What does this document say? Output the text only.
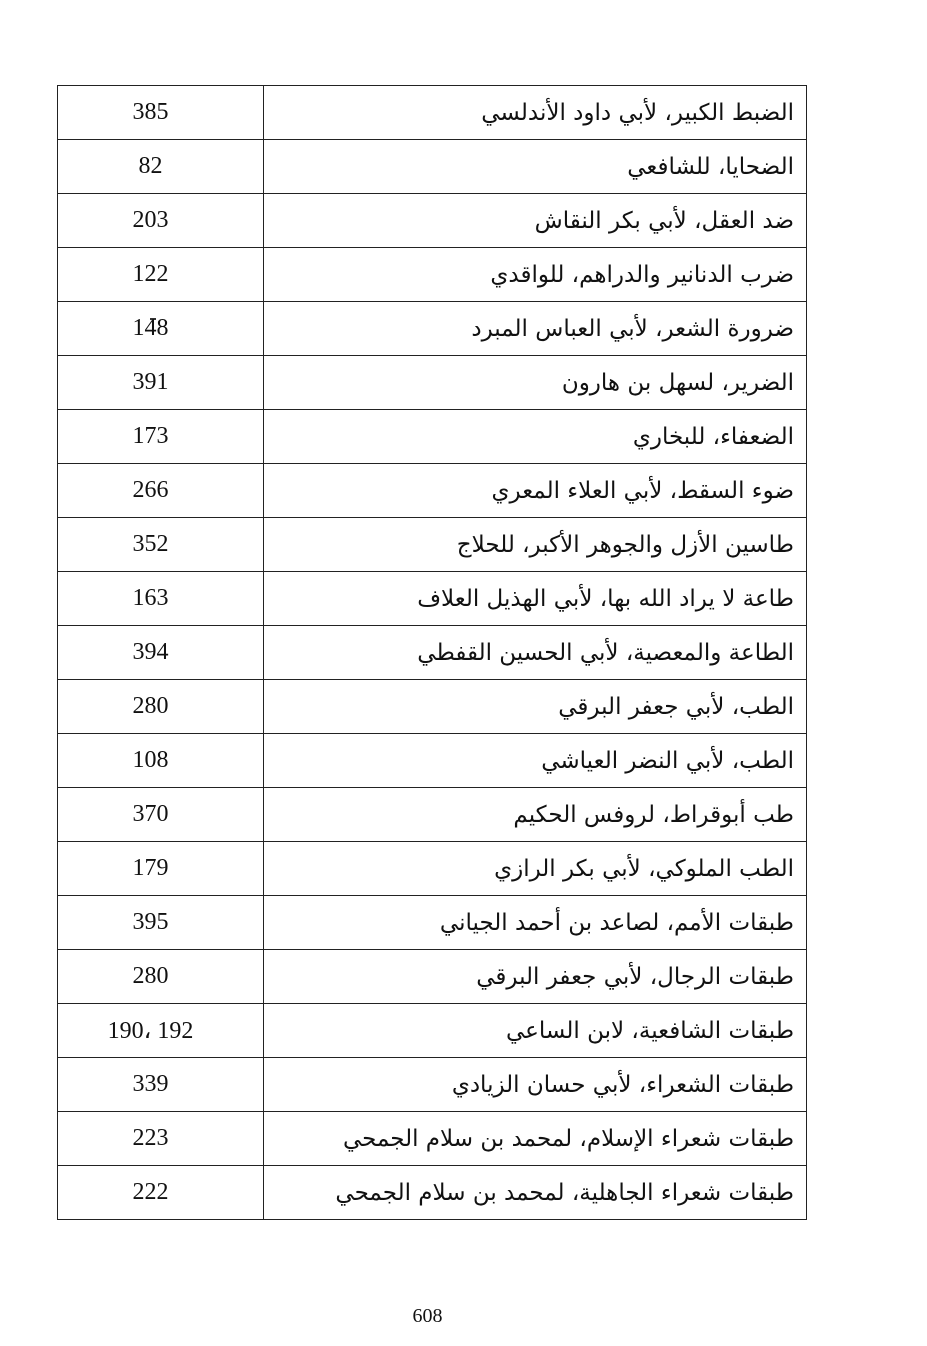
385	الضبط الكبير، لأبي داود الأندلسي
82	الضحايا، للشافعي
203	ضد العقل، لأبي بكر النقاش
122	ضرب الدنانير والدراهم، للواقدي
148	ضرورة الشعر، لأبي العباس المبرد
391	الضرير، لسهل بن هارون
173	الضعفاء، للبخاري
266	ضوء السقط، لأبي العلاء المعري
352	طاسين الأزل والجوهر الأكبر، للحلاج
163	طاعة لا يراد الله بها، لأبي الهذيل العلاف
394	الطاعة والمعصية، لأبي الحسين القفطي
280	الطب، لأبي جعفر البرقي
108	الطب، لأبي النضر العياشي
370	طب أبوقراط، لروفس الحكيم
179	الطب الملوكي، لأبي بكر الرازي
395	طبقات الأمم، لصاعد بن أحمد الجياني
280	طبقات الرجال، لأبي جعفر البرقي
190، 192	طبقات الشافعية، لابن الساعي
339	طبقات الشعراء، لأبي حسان الزيادي
223	طبقات شعراء الإسلام، لمحمد بن سلام الجمحي
222	طبقات شعراء الجاهلية، لمحمد بن سلام الجمحي
608
